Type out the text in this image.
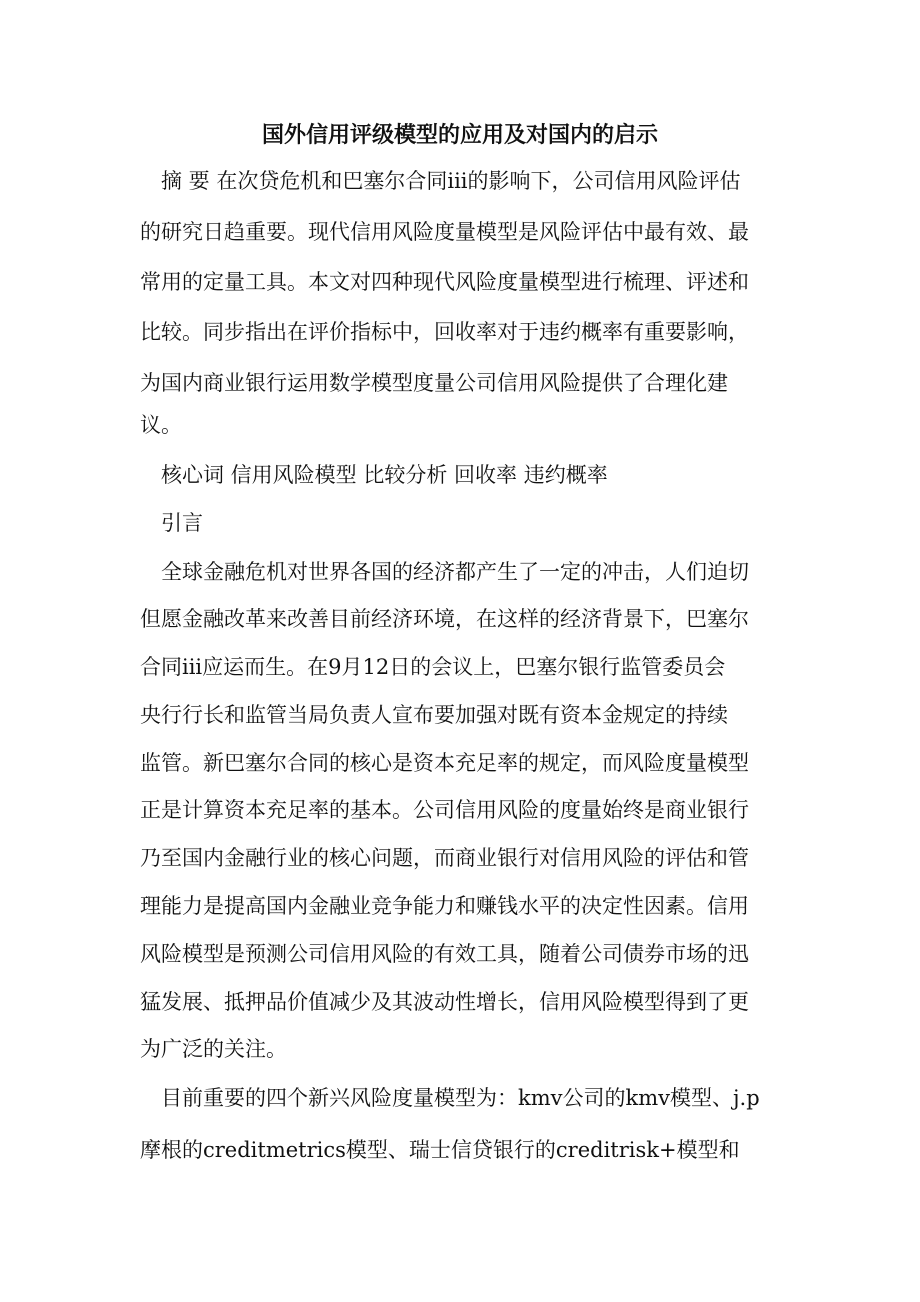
国外信用评级模型的应用及对国内的启示
摘 要 在次贷危机和巴塞尔合同iii的影响下，公司信用风险评估
的研究日趋重要。现代信用风险度量模型是风险评估中最有效、最
常用的定量工具。本文对四种现代风险度量模型进行梳理、评述和
比较。同步指出在评价指标中，回收率对于违约概率有重要影响，
为国内商业银行运用数学模型度量公司信用风险提供了合理化建
议。
核心词 信用风险模型 比较分析 回收率 违约概率
引言
全球金融危机对世界各国的经济都产生了一定的冲击，人们迫切
但愿金融改革来改善目前经济环境，在这样的经济背景下，巴塞尔
合同iii应运而生。在9月12日的会议上，巴塞尔银行监管委员会
央行行长和监管当局负责人宣布要加强对既有资本金规定的持续
监管。新巴塞尔合同的核心是资本充足率的规定，而风险度量模型
正是计算资本充足率的基本。公司信用风险的度量始终是商业银行
乃至国内金融行业的核心问题，而商业银行对信用风险的评估和管
理能力是提高国内金融业竞争能力和赚钱水平的决定性因素。信用
风险模型是预测公司信用风险的有效工具，随着公司债券市场的迅
猛发展、抵押品价值减少及其波动性增长，信用风险模型得到了更
为广泛的关注。
目前重要的四个新兴风险度量模型为：kmv公司的kmv模型、j.p
摩根的creditmetrics模型、瑞士信贷银行的creditrisk+模型和
